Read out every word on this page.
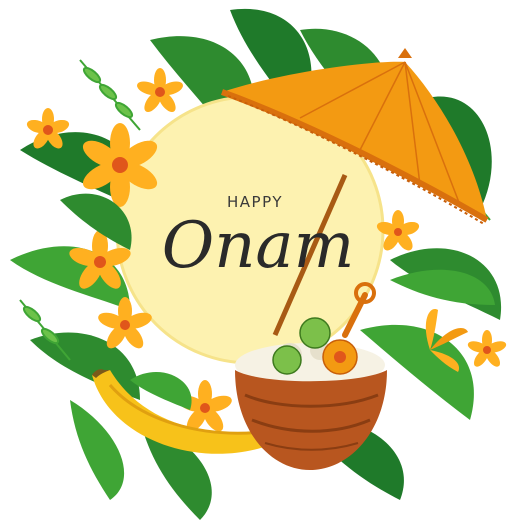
HAPPY
Onam
